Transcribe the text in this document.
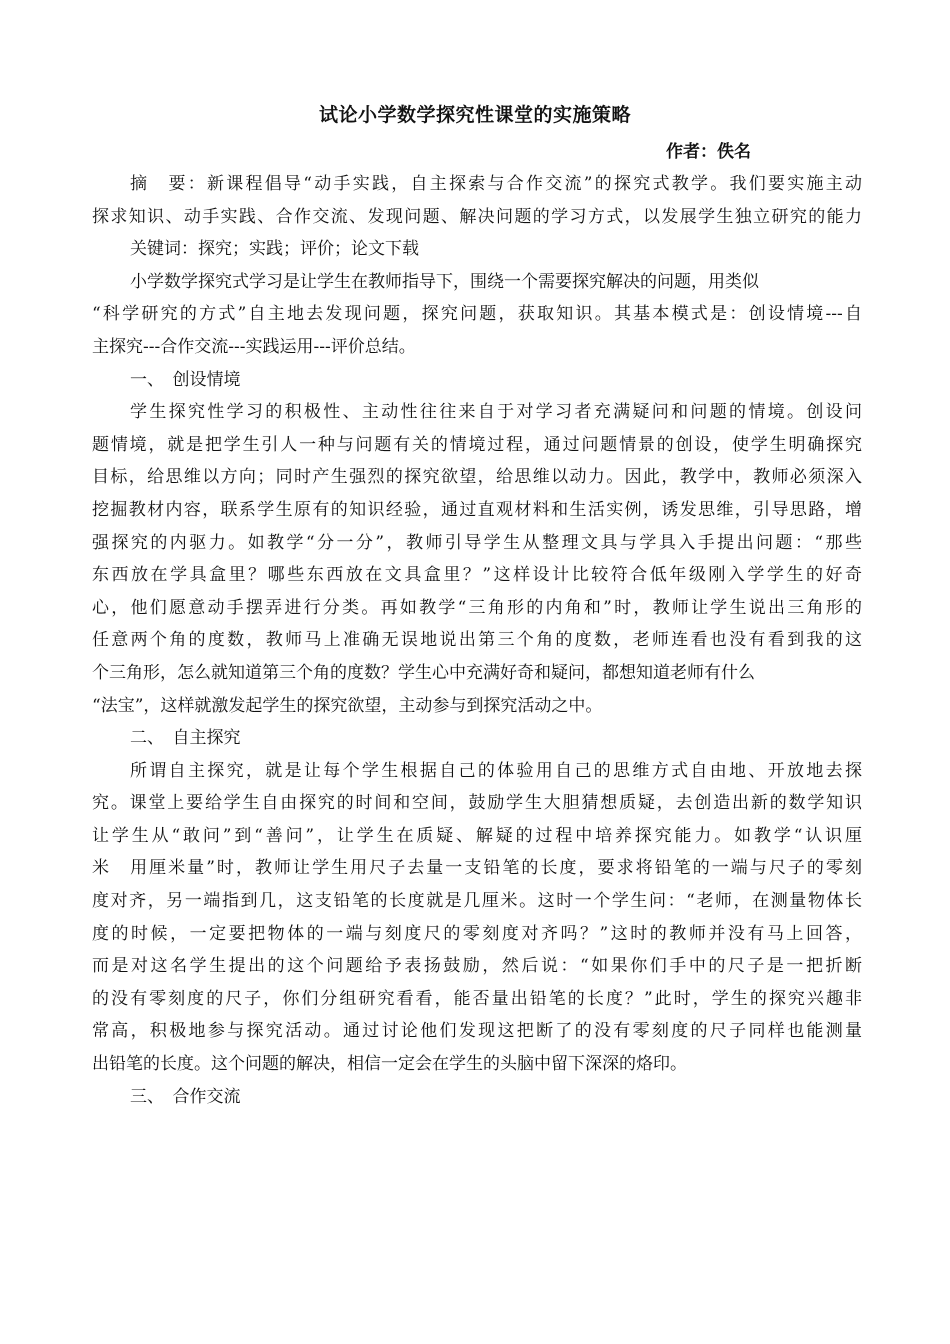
试论小学数学探究性课堂的实施策略
作者：佚名
摘　要：新课程倡导“动手实践，自主探索与合作交流”的探究式教学。我们要实施主动
探求知识、动手实践、合作交流、发现问题、解决问题的学习方式，以发展学生独立研究的能力
关键词：探究；实践；评价；论文下载
小学数学探究式学习是让学生在教师指导下，围绕一个需要探究解决的问题，用类似
“科学研究的方式”自主地去发现问题，探究问题，获取知识。其基本模式是：创设情境---自
主探究---合作交流---实践运用---评价总结。
一、　创设情境
学生探究性学习的积极性、主动性往往来自于对学习者充满疑问和问题的情境。创设问
题情境，就是把学生引人一种与问题有关的情境过程，通过问题情景的创设，使学生明确探究
目标，给思维以方向；同时产生强烈的探究欲望，给思维以动力。因此，教学中，教师必须深入
挖掘教材内容，联系学生原有的知识经验，通过直观材料和生活实例，诱发思维，引导思路，增
强探究的内驱力。如教学“分一分”，教师引导学生从整理文具与学具入手提出问题：“那些
东西放在学具盒里？哪些东西放在文具盒里？”这样设计比较符合低年级刚入学学生的好奇
心，他们愿意动手摆弄进行分类。再如教学“三角形的内角和”时，教师让学生说出三角形的
任意两个角的度数，教师马上准确无误地说出第三个角的度数，老师连看也没有看到我的这
个三角形，怎么就知道第三个角的度数？学生心中充满好奇和疑问，都想知道老师有什么
“法宝”，这样就激发起学生的探究欲望，主动参与到探究活动之中。
二、　自主探究
所谓自主探究，就是让每个学生根据自己的体验用自己的思维方式自由地、开放地去探
究。课堂上要给学生自由探究的时间和空间，鼓励学生大胆猜想质疑，去创造出新的数学知识
让学生从“敢问”到“善问”，让学生在质疑、解疑的过程中培养探究能力。如教学“认识厘
米　用厘米量”时，教师让学生用尺子去量一支铅笔的长度，要求将铅笔的一端与尺子的零刻
度对齐，另一端指到几，这支铅笔的长度就是几厘米。这时一个学生问：“老师，在测量物体长
度的时候，一定要把物体的一端与刻度尺的零刻度对齐吗？”这时的教师并没有马上回答，
而是对这名学生提出的这个问题给予表扬鼓励，然后说：“如果你们手中的尺子是一把折断
的没有零刻度的尺子，你们分组研究看看，能否量出铅笔的长度？”此时，学生的探究兴趣非
常高，积极地参与探究活动。通过讨论他们发现这把断了的没有零刻度的尺子同样也能测量
出铅笔的长度。这个问题的解决，相信一定会在学生的头脑中留下深深的烙印。
三、　合作交流
